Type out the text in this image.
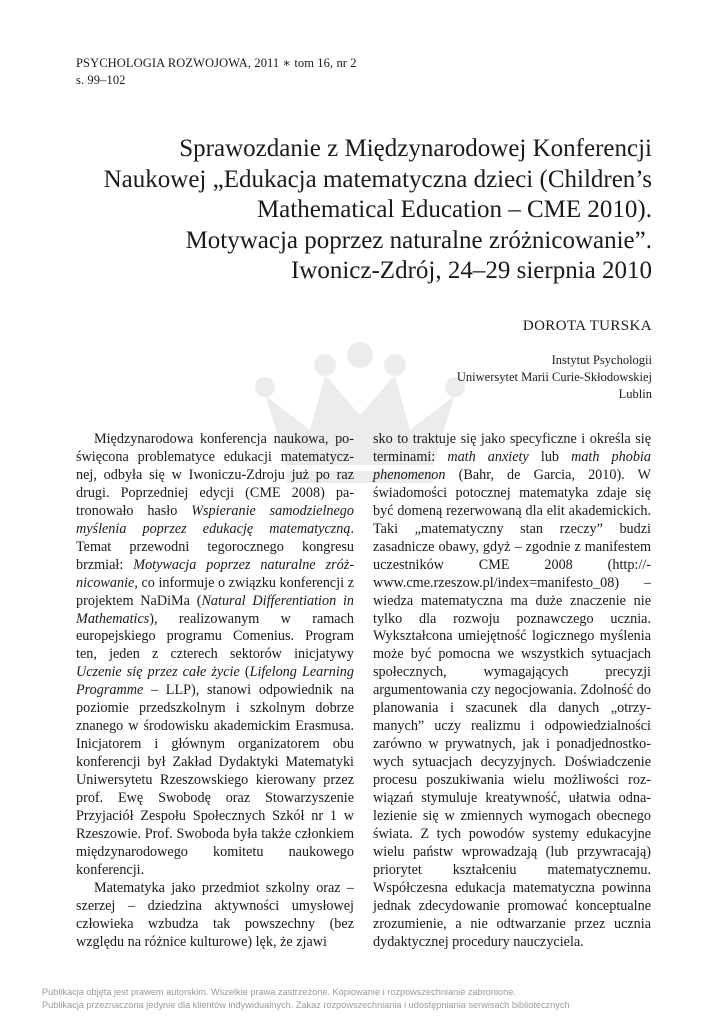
PSYCHOLOGIA ROZWOJOWA, 2011 ∗ tom 16, nr 2
s. 99–102
Sprawozdanie z Międzynarodowej Konferencji
Naukowej „Edukacja matematyczna dzieci (Children’s
Mathematical Education – CME 2010).
Motywacja poprzez naturalne zróżnicowanie”.
Iwonicz-Zdrój, 24–29 sierpnia 2010
DOROTA TURSKA
Instytut Psychologii
Uniwersytet Marii Curie-Skłodowskiej
Lublin

Międzynarodowa konferencja naukowa, poświęcona problematyce edukacji matematycznej, odbyła się w Iwoniczu-Zdroju już po raz drugi. Poprzedniej edycji (CME 2008) patronowało hasło Wspieranie samodzielnego myślenia poprzez edukację matematyczną. Temat przewodni tegorocznego kongresu brzmiał: Motywacja poprzez naturalne zróżnicowanie, co informuje o związku konferencji z projektem NaDiMa (Natural Differentiation in Mathematics), realizowanym w ramach europejskiego programu Comenius. Program ten, jeden z czterech sektorów inicjatywy Uczenie się przez całe życie (Lifelong Learning Programme – LLP), stanowi odpowiednik na poziomie przedszkolnym i szkolnym dobrze znanego w środowisku akademickim Erasmusa. Inicjatorem i głównym organizatorem obu konferencji był Zakład Dydaktyki Matematyki Uniwersytetu Rzeszowskiego kierowany przez prof. Ewę Swobodę oraz Stowarzyszenie Przyjaciół Zespołu Społecznych Szkół nr 1 w Rzeszowie. Prof. Swoboda była także członkiem międzynarodowego komitetu naukowego konferencji.

Matematyka jako przedmiot szkolny oraz – szerzej – dziedzina aktywności umysłowej człowieka wzbudza tak powszechny (bez względu na różnice kulturowe) lęk, że zjawi

sko to traktuje się jako specyficzne i określa się terminami: math anxiety lub math phobia phenomenon (Bahr, de Garcia, 2010). W świadomości potocznej matematyka zdaje się być domeną rezerwowaną dla elit akademickich. Taki „matematyczny stan rzeczy” budzi zasadnicze obawy, gdyż – zgodnie z manifestem uczestników CME 2008 (http://www.cme.rzeszow.pl/index=manifesto_08) – wiedza matematyczna ma duże znaczenie nie tylko dla rozwoju poznawczego ucznia. Wykształcona umiejętność logicznego myślenia może być pomocna we wszystkich sytuacjach społecznych, wymagających precyzji argumentowania czy negocjowania. Zdolność do planowania i szacunek dla danych „otrzymanych” uczy realizmu i odpowiedzialności zarówno w prywatnych, jak i ponadjednostkowych sytuacjach decyzyjnych. Doświadczenie procesu poszukiwania wielu możliwości rozwiązań stymuluje kreatywność, ułatwia odnalezienie się w zmiennych wymogach obecnego świata. Z tych powodów systemy edukacyjne wielu państw wprowadzają (lub przywracają) priorytet kształceniu matematycznemu. Współczesna edukacja matematyczna powinna jednak zdecydowanie promować konceptualne zrozumienie, a nie odtwarzanie przez ucznia dydaktycznej procedury nauczyciela.

Publikacja objęta jest prawem autorskim. Wszelkie prawa zastrzeżone. Kopiowanie i rozpowszechnianie zabronione.
Publikacja przeznaczona jedynie dla klientów indywidualnych. Zakaz rozpowszechniania i udostępniania serwisach bibliotecznych
